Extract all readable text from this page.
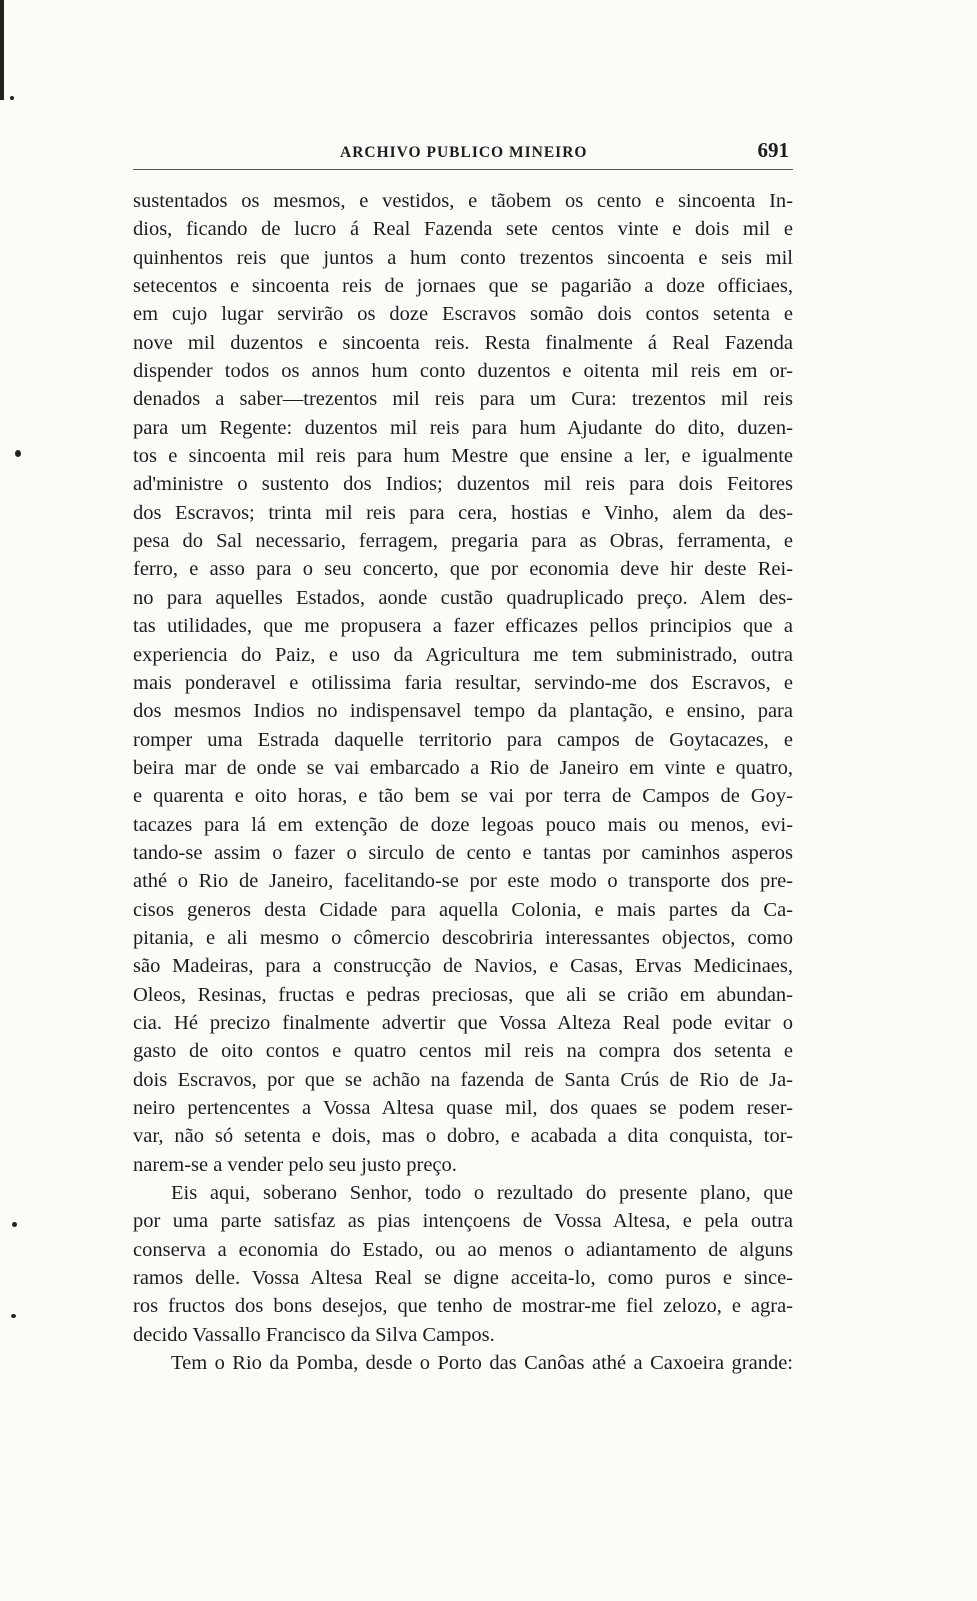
ARCHIVO PUBLICO MINEIRO	691
sustentados os mesmos, e vestidos, e tãobem os cento e sincoenta In-
dios, ficando de lucro á Real Fazenda sete centos vinte e dois mil e
quinhentos reis que juntos a hum conto trezentos sincoenta e seis mil
setecentos e sincoenta reis de jornaes que se pagarião a doze officiaes,
em cujo lugar servirão os doze Escravos somão dois contos setenta e
nove mil duzentos e sincoenta reis. Resta finalmente á Real Fazenda
dispender todos os annos hum conto duzentos e oitenta mil reis em or-
denados a saber—trezentos mil reis para um Cura: trezentos mil reis
para um Regente: duzentos mil reis para hum Ajudante do dito, duzen-
tos e sincoenta mil reis para hum Mestre que ensine a ler, e igualmente
ad'ministre o sustento dos Indios; duzentos mil reis para dois Feitores
dos Escravos; trinta mil reis para cera, hostias e Vinho, alem da des-
pesa do Sal necessario, ferragem, pregaria para as Obras, ferramenta, e
ferro, e asso para o seu concerto, que por economia deve hir deste Rei-
no para aquelles Estados, aonde custão quadruplicado preço. Alem des-
tas utilidades, que me propusera a fazer efficazes pellos principios que a
experiencia do Paiz, e uso da Agricultura me tem subministrado, outra
mais ponderavel e otilissima faria resultar, servindo-me dos Escravos, e
dos mesmos Indios no indispensavel tempo da plantação, e ensino, para
romper uma Estrada daquelle territorio para campos de Goytacazes, e
beira mar de onde se vai embarcado a Rio de Janeiro em vinte e quatro,
e quarenta e oito horas, e tão bem se vai por terra de Campos de Goy-
tacazes para lá em extenção de doze legoas pouco mais ou menos, evi-
tando-se assim o fazer o sirculo de cento e tantas por caminhos asperos
athé o Rio de Janeiro, facelitando-se por este modo o transporte dos pre-
cisos generos desta Cidade para aquella Colonia, e mais partes da Ca-
pitania, e ali mesmo o cômercio descobriria interessantes objectos, como
são Madeiras, para a construcção de Navios, e Casas, Ervas Medicinaes,
Oleos, Resinas, fructas e pedras preciosas, que ali se crião em abundan-
cia. Hé precizo finalmente advertir que Vossa Alteza Real pode evitar o
gasto de oito contos e quatro centos mil reis na compra dos setenta e
dois Escravos, por que se achão na fazenda de Santa Crús de Rio de Ja-
neiro pertencentes a Vossa Altesa quase mil, dos quaes se podem reser-
var, não só setenta e dois, mas o dobro, e acabada a dita conquista, tor-
narem-se a vender pelo seu justo preço.
Eis aqui, soberano Senhor, todo o rezultado do presente plano, que
por uma parte satisfaz as pias intençoens de Vossa Altesa, e pela outra
conserva a economia do Estado, ou ao menos o adiantamento de alguns
ramos delle. Vossa Altesa Real se digne acceita-lo, como puros e since-
ros fructos dos bons desejos, que tenho de mostrar-me fiel zelozo, e agra-
decido Vassallo Francisco da Silva Campos.
Tem o Rio da Pomba, desde o Porto das Canôas athé a Caxoeira grande:
